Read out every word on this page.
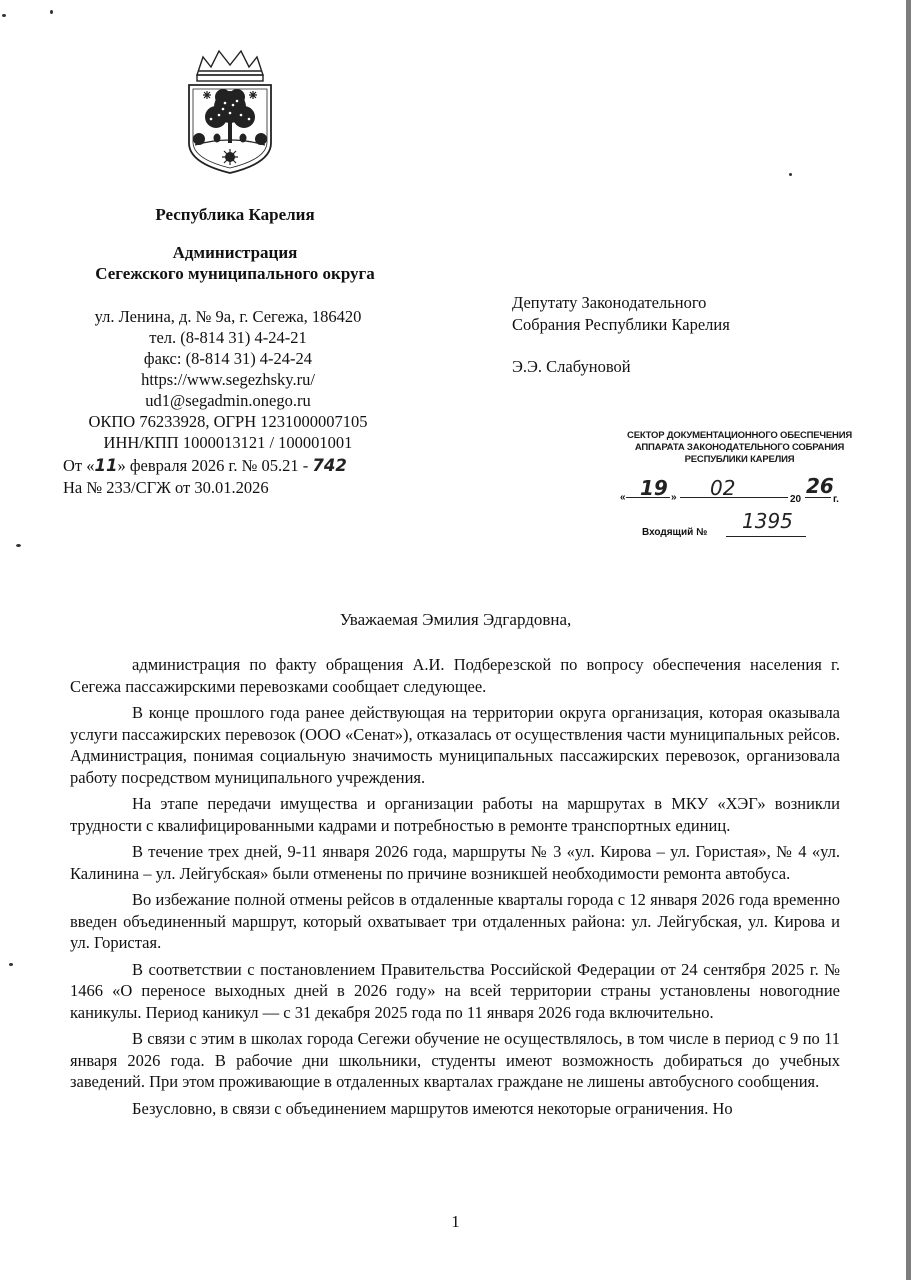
Республика Карелия
Администрация
Сегежского муниципального округа
ул. Ленина, д. № 9а, г. Сегежа, 186420
тел. (8-814 31) 4-24-21
факс: (8-814 31) 4-24-24
https://www.segezhsky.ru/
ud1@segadmin.onego.ru
ОКПО 76233928, ОГРН 1231000007105
ИНН/КПП 1000013121 / 100001001
От «11» февраля 2026 г. № 05.21 - 742
На № 233/СГЖ от 30.01.2026
Депутату Законодательного
Собрания Республики Карелия
Э.Э. Слабуновой
СЕКТОР ДОКУМЕНТАЦИОННОГО ОБЕСПЕЧЕНИЯ
АППАРАТА ЗАКОНОДАТЕЛЬНОГО СОБРАНИЯ
РЕСПУБЛИКИ КАРЕЛИЯ
« 19 » 02	20
26
г.
Входящий № 1395
Уважаемая Эмилия Эдгардовна,

администрация по факту обращения А.И. Подберезской по вопросу обеспечения населения г. Сегежа пассажирскими перевозками сообщает следующее.

В конце прошлого года ранее действующая на территории округа организация, которая оказывала услуги пассажирских перевозок (ООО «Сенат»), отказалась от осуществления части муниципальных рейсов. Администрация, понимая социальную значимость муниципальных пассажирских перевозок, организовала работу посредством муниципального учреждения.

На этапе передачи имущества и организации работы на маршрутах в МКУ «ХЭГ» возникли трудности с квалифицированными кадрами и потребностью в ремонте транспортных единиц.

В течение трех дней, 9-11 января 2026 года, маршруты № 3 «ул. Кирова – ул. Гористая», № 4 «ул. Калинина – ул. Лейгубская» были отменены по причине возникшей необходимости ремонта автобуса.

Во избежание полной отмены рейсов в отдаленные кварталы города с 12 января 2026 года временно введен объединенный маршрут, который охватывает три отдаленных района: ул. Лейгубская, ул. Кирова и ул. Гористая.

В соответствии с постановлением Правительства Российской Федерации от 24 сентября 2025 г. № 1466 «О переносе выходных дней в 2026 году» на всей территории страны установлены новогодние каникулы. Период каникул — с 31 декабря 2025 года по 11 января 2026 года включительно.

В связи с этим в школах города Сегежи обучение не осуществлялось, в том числе в период с 9 по 11 января 2026 года. В рабочие дни школьники, студенты имеют возможность добираться до учебных заведений. При этом проживающие в отдаленных кварталах граждане не лишены автобусного сообщения.

Безусловно, в связи с объединением маршрутов имеются некоторые ограничения. Но

1
